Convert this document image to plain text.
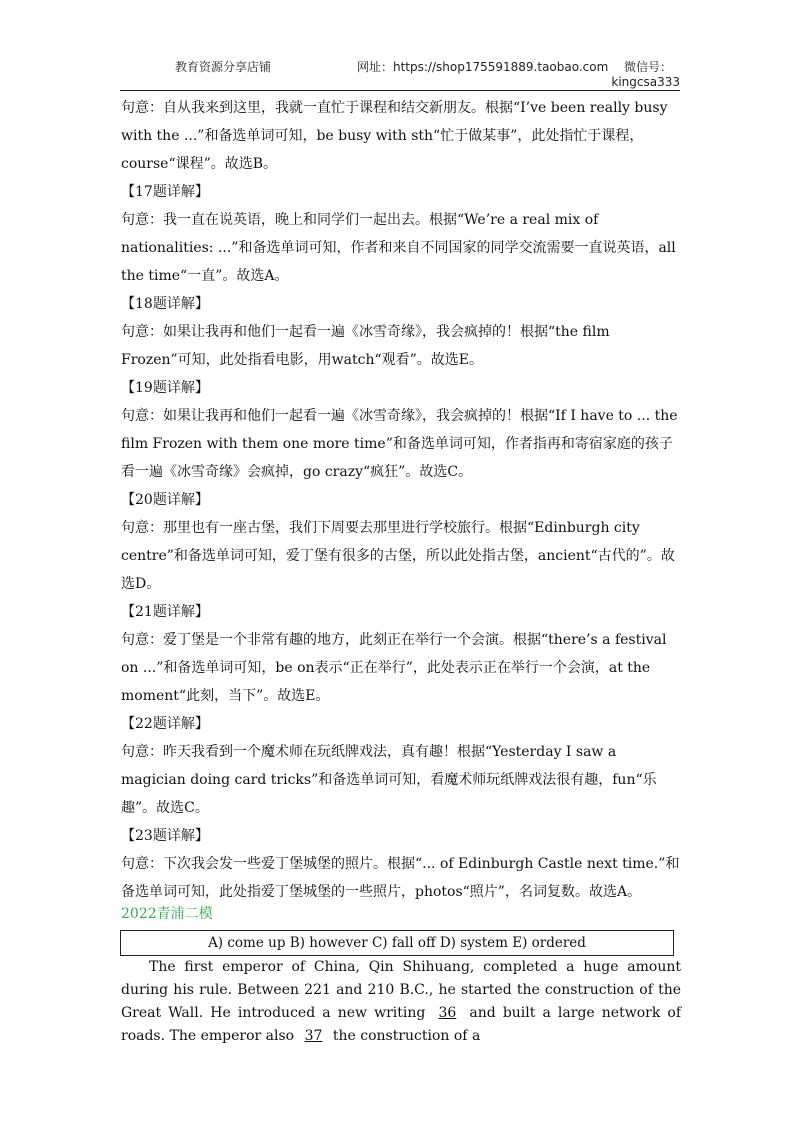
教育资源分享店铺	网址：https://shop175591889.taobao.com 微信号：
kingcsa333

句意：自从我来到这里，我就一直忙于课程和结交新朋友。根据“I’ve been really busy with the ...”和备选单词可知，be busy with sth“忙于做某事”，此处指忙于课程，course“课程”。故选B。

【17题详解】

句意：我一直在说英语，晚上和同学们一起出去。根据“We’re a real mix of nationalities: ...”和备选单词可知，作者和来自不同国家的同学交流需要一直说英语，all the time“一直”。故选A。

【18题详解】

句意：如果让我再和他们一起看一遍《冰雪奇缘》，我会疯掉的！根据“the film Frozen”可知，此处指看电影，用watch“观看”。故选E。

【19题详解】

句意：如果让我再和他们一起看一遍《冰雪奇缘》，我会疯掉的！根据“If I have to ... the film Frozen with them one more time”和备选单词可知，作者指再和寄宿家庭的孩子看一遍《冰雪奇缘》会疯掉，go crazy“疯狂”。故选C。

【20题详解】

句意：那里也有一座古堡，我们下周要去那里进行学校旅行。根据“Edinburgh city centre”和备选单词可知，爱丁堡有很多的古堡，所以此处指古堡，ancient“古代的”。故选D。

【21题详解】

句意：爱丁堡是一个非常有趣的地方，此刻正在举行一个会演。根据“there’s a festival on ...”和备选单词可知，be on表示“正在举行”，此处表示正在举行一个会演，at the moment“此刻，当下”。故选E。

【22题详解】

句意：昨天我看到一个魔术师在玩纸牌戏法，真有趣！根据“Yesterday I saw a magician doing card tricks”和备选单词可知，看魔术师玩纸牌戏法很有趣，fun“乐趣”。故选C。

【23题详解】

句意：下次我会发一些爱丁堡城堡的照片。根据“... of Edinburgh Castle next time.”和备选单词可知，此处指爱丁堡城堡的一些照片，photos“照片”，名词复数。故选A。

2022青浦二模
A) come up B) however C) fall off D) system E) ordered
The first emperor of China, Qin Shihuang, completed a huge amount during his rule. Between 221 and 210 B.C., he started the construction of the Great Wall. He introduced a new writing 36 and built a large network of roads. The emperor also 37 the construction of a
